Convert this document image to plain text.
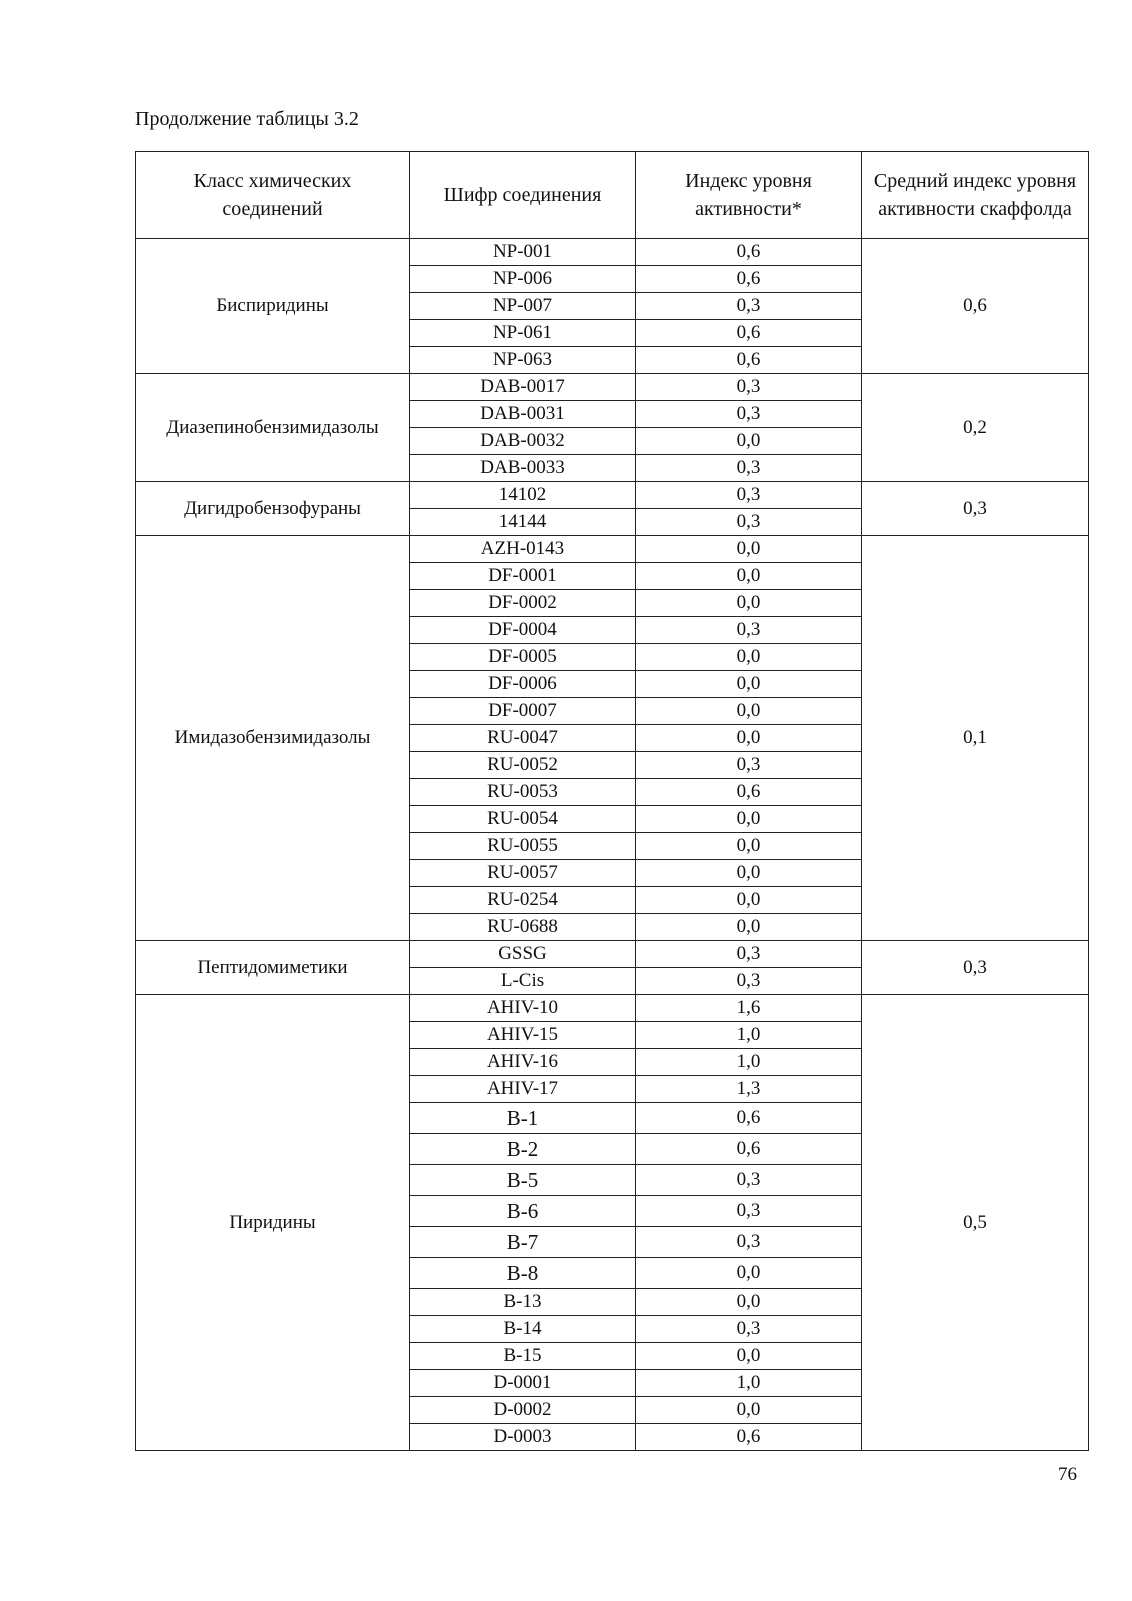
Продолжение таблицы 3.2

Класс химических соединений	Шифр соединения	Индекс уровня активности*	Средний индекс уровня активности скаффолда
Биспиридины	NP-001	0,6	0,6
	NP-006	0,6	
	NP-007	0,3	
	NP-061	0,6	
	NP-063	0,6	
Диазепинобензимидазолы	DAB-0017	0,3	0,2
	DAB-0031	0,3	
	DAB-0032	0,0	
	DAB-0033	0,3	
Дигидробензофураны	14102	0,3	0,3
	14144	0,3	
Имидазобензимидазолы	AZH-0143	0,0	0,1
	DF-0001	0,0	
	DF-0002	0,0	
	DF-0004	0,3	
	DF-0005	0,0	
	DF-0006	0,0	
	DF-0007	0,0	
	RU-0047	0,0	
	RU-0052	0,3	
	RU-0053	0,6	
	RU-0054	0,0	
	RU-0055	0,0	
	RU-0057	0,0	
	RU-0254	0,0	
	RU-0688	0,0	
Пептидомиметики	GSSG	0,3	0,3
	L-Cis	0,3	
Пиридины	AHIV-10	1,6	0,5
	AHIV-15	1,0	
	AHIV-16	1,0	
	AHIV-17	1,3	
	B-1	0,6	
	B-2	0,6	
	B-5	0,3	
	B-6	0,3	
	B-7	0,3	
	B-8	0,0	
	B-13	0,0	
	B-14	0,3	
	B-15	0,0	
	D-0001	1,0	
	D-0002	0,0	
	D-0003	0,6	
76
